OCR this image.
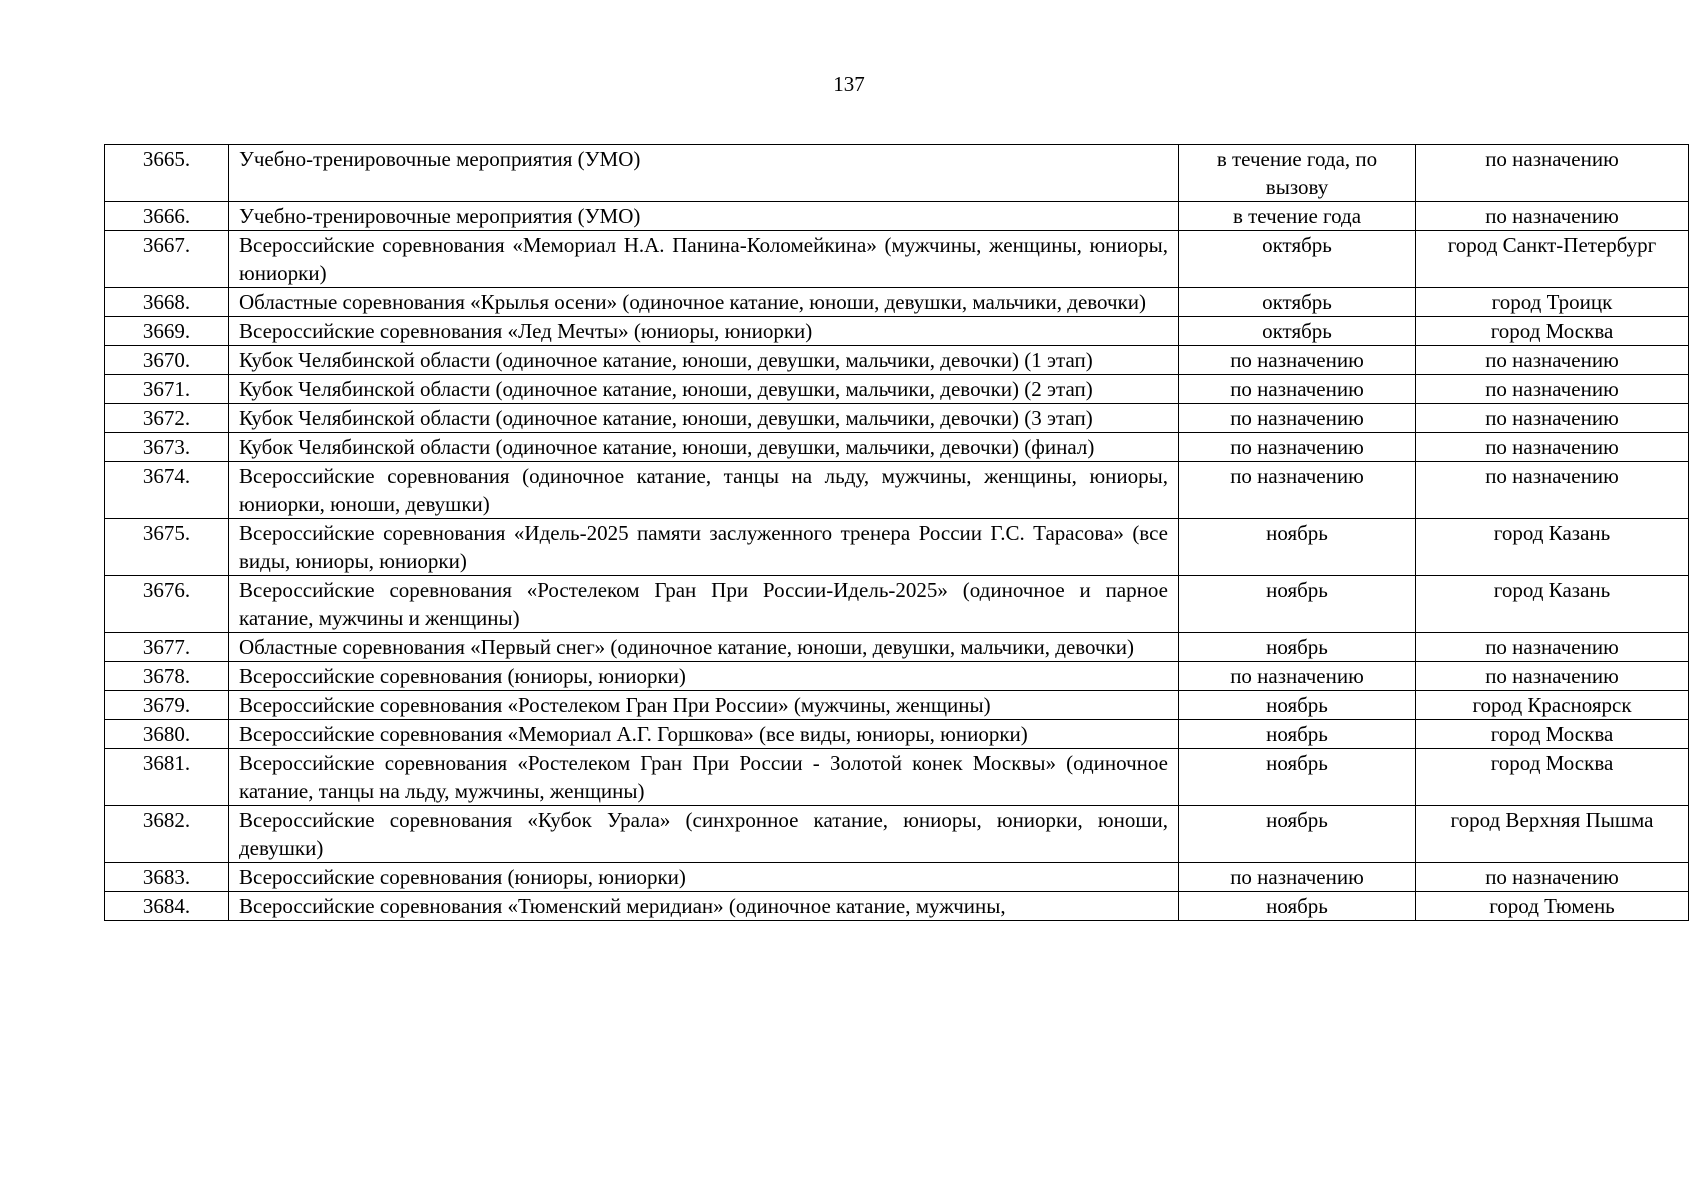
137
3665.	Учебно-тренировочные мероприятия (УМО)	в течение года, по вызову	по назначению
3666.	Учебно-тренировочные мероприятия (УМО)	в течение года	по назначению
3667.	Всероссийские соревнования «Мемориал Н.А. Панина-Коломейкина» (мужчины, женщины, юниоры, юниорки)	октябрь	город Санкт-Петербург
3668.	Областные соревнования «Крылья осени» (одиночное катание, юноши, девушки, мальчики, девочки)	октябрь	город Троицк
3669.	Всероссийские соревнования «Лед Мечты» (юниоры, юниорки)	октябрь	город Москва
3670.	Кубок Челябинской области (одиночное катание, юноши, девушки, мальчики, девочки) (1 этап)	по назначению	по назначению
3671.	Кубок Челябинской области (одиночное катание, юноши, девушки, мальчики, девочки) (2 этап)	по назначению	по назначению
3672.	Кубок Челябинской области (одиночное катание, юноши, девушки, мальчики, девочки) (3 этап)	по назначению	по назначению
3673.	Кубок Челябинской области (одиночное катание, юноши, девушки, мальчики, девочки) (финал)	по назначению	по назначению
3674.	Всероссийские соревнования (одиночное катание, танцы на льду, мужчины, женщины, юниоры, юниорки, юноши, девушки)	по назначению	по назначению
3675.	Всероссийские соревнования «Идель-2025 памяти заслуженного тренера России Г.С. Тарасова» (все виды, юниоры, юниорки)	ноябрь	город Казань
3676.	Всероссийские соревнования «Ростелеком Гран При России-Идель-2025» (одиночное и парное катание, мужчины и женщины)	ноябрь	город Казань
3677.	Областные соревнования «Первый снег» (одиночное катание, юноши, девушки, мальчики, девочки)	ноябрь	по назначению
3678.	Всероссийские соревнования (юниоры, юниорки)	по назначению	по назначению
3679.	Всероссийские соревнования «Ростелеком Гран При России» (мужчины, женщины)	ноябрь	город Красноярск
3680.	Всероссийские соревнования «Мемориал А.Г. Горшкова» (все виды, юниоры, юниорки)	ноябрь	город Москва
3681.	Всероссийские соревнования «Ростелеком Гран При России - Золотой конек Москвы» (одиночное катание, танцы на льду, мужчины, женщины)	ноябрь	город Москва
3682.	Всероссийские соревнования «Кубок Урала» (синхронное катание, юниоры, юниорки, юноши, девушки)	ноябрь	город Верхняя Пышма
3683.	Всероссийские соревнования (юниоры, юниорки)	по назначению	по назначению
3684.	Всероссийские соревнования «Тюменский меридиан» (одиночное катание, мужчины,	ноябрь	город Тюмень
